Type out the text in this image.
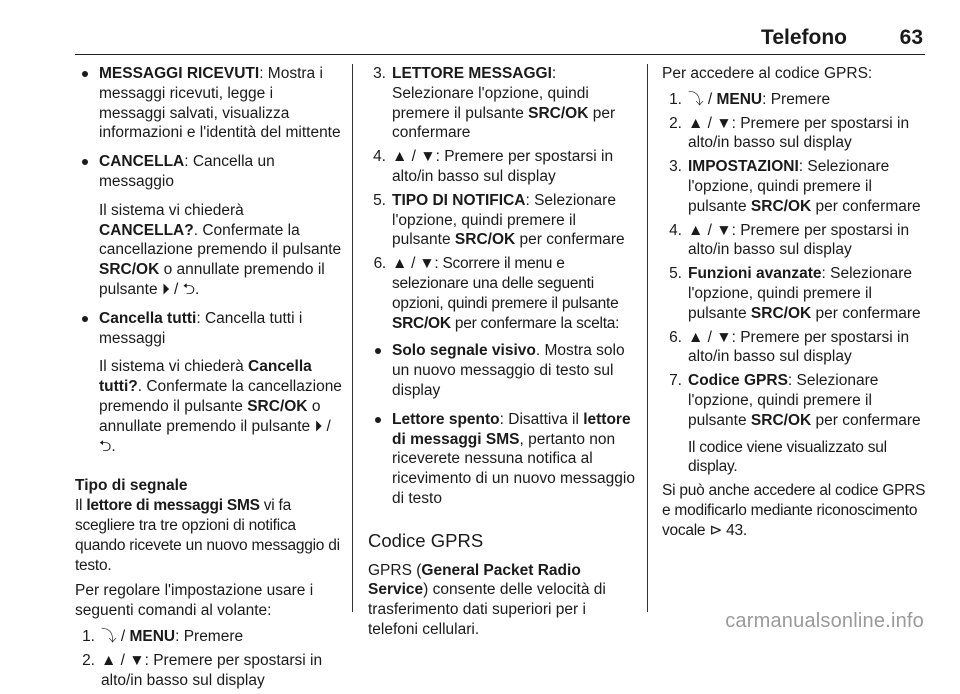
Telefono	63
MESSAGGI RICEVUTI: Mostra i messaggi ricevuti, legge i messaggi salvati, visualizza informazioni e l'identità del mittente
CANCELLA: Cancella un messaggio
Il sistema vi chiederà CANCELLA?. Confermate la cancellazione premendo il pulsante SRC/OK o annullate premendo il pulsante ⏵ / ⮌.
Cancella tutti: Cancella tutti i messaggi
Il sistema vi chiederà Cancella tutti?. Confermate la cancellazione premendo il pulsante SRC/OK o annullate premendo il pulsante ⏵ / ⮌.
Tipo di segnale
Il lettore di messaggi SMS vi fa scegliere tra tre opzioni di notifica quando ricevete un nuovo messaggio di testo.
Per regolare l'impostazione usare i seguenti comandi al volante:
1. ⤵ / MENU: Premere
2. ▲ / ▼: Premere per spostarsi in alto/in basso sul display
3. LETTORE MESSAGGI: Selezionare l'opzione, quindi premere il pulsante SRC/OK per confermare
4. ▲ / ▼: Premere per spostarsi in alto/in basso sul display
5. TIPO DI NOTIFICA: Selezionare l'opzione, quindi premere il pulsante SRC/OK per confermare
6. ▲ / ▼: Scorrere il menu e selezionare una delle seguenti opzioni, quindi premere il pulsante SRC/OK per confermare la scelta:
Solo segnale visivo. Mostra solo un nuovo messaggio di testo sul display
Lettore spento: Disattiva il lettore di messaggi SMS, pertanto non riceverete nessuna notifica al ricevimento di un nuovo messaggio di testo
Codice GPRS
GPRS (General Packet Radio Service) consente delle velocità di trasferimento dati superiori per i telefoni cellulari.
Per accedere al codice GPRS:
1. ⤵ / MENU: Premere
2. ▲ / ▼: Premere per spostarsi in alto/in basso sul display
3. IMPOSTAZIONI: Selezionare l'opzione, quindi premere il pulsante SRC/OK per confermare
4. ▲ / ▼: Premere per spostarsi in alto/in basso sul display
5. Funzioni avanzate: Selezionare l'opzione, quindi premere il pulsante SRC/OK per confermare
6. ▲ / ▼: Premere per spostarsi in alto/in basso sul display
7. Codice GPRS: Selezionare l'opzione, quindi premere il pulsante SRC/OK per confermare
Il codice viene visualizzato sul display.
Si può anche accedere al codice GPRS e modificarlo mediante riconoscimento vocale ⊳ 43.
carmanualsonline.info
